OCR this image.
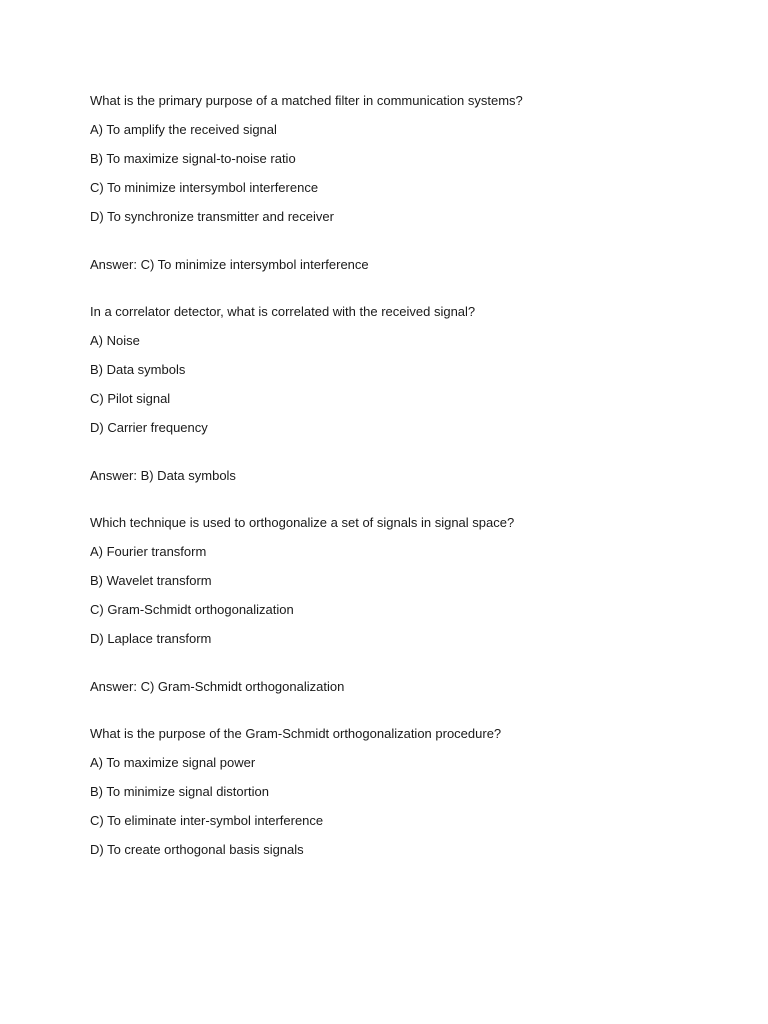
What is the primary purpose of a matched filter in communication systems?
A) To amplify the received signal
B) To maximize signal-to-noise ratio
C) To minimize intersymbol interference
D) To synchronize transmitter and receiver
Answer: C) To minimize intersymbol interference
In a correlator detector, what is correlated with the received signal?
A) Noise
B) Data symbols
C) Pilot signal
D) Carrier frequency
Answer: B) Data symbols
Which technique is used to orthogonalize a set of signals in signal space?
A) Fourier transform
B) Wavelet transform
C) Gram-Schmidt orthogonalization
D) Laplace transform
Answer: C) Gram-Schmidt orthogonalization
What is the purpose of the Gram-Schmidt orthogonalization procedure?
A) To maximize signal power
B) To minimize signal distortion
C) To eliminate inter-symbol interference
D) To create orthogonal basis signals
